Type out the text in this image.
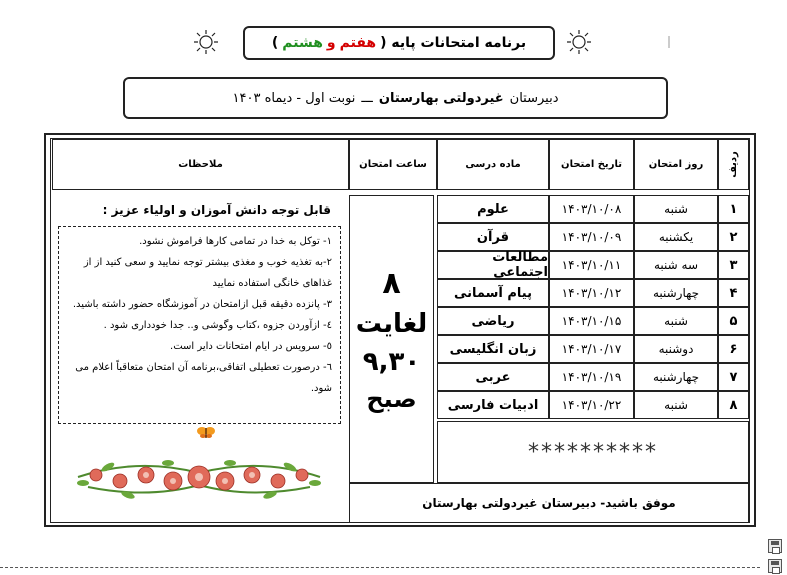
برنامه امتحانات پایه (
هفتم
و
هشتم
)
دبیرستان
غیردولتی بهارستان
ـــ
نوبت اول - دیماه ۱۴۰۳
ردیف
روز امتحان
تاریخ امتحان
ماده درسی
ساعت امتحان
ملاحظات
۱
شنبه
۱۴۰۳/۱۰/۰۸
علوم
۲
یکشنبه
۱۴۰۳/۱۰/۰۹
قرآن
۳
سه شنبه
۱۴۰۳/۱۰/۱۱
مطالعات اجتماعی
۴
چهارشنبه
۱۴۰۳/۱۰/۱۲
پیام آسمانی
۵
شنبه
۱۴۰۳/۱۰/۱۵
ریاضی
۶
دوشنبه
۱۴۰۳/۱۰/۱۷
زبان انگلیسی
۷
چهارشنبه
۱۴۰۳/۱۰/۱۹
عربی
۸
شنبه
۱۴۰۳/۱۰/۲۲
ادبیات فارسی
۸
لغایت
۹,۳۰
صبح
**********
قابل توجه دانش آموزان و اولیاء عزیز :
۱- توکل به خدا در تمامی کارها فراموش نشود.
۲-به تغذیه خوب و مغذی بیشتر توجه نمایید و سعی کنید از از غذاهای خانگی استفاده نمایید
۳- پانزده دقیقه قبل ازامتحان در آموزشگاه حضور داشته باشید.
٤- ازآوردن جزوه ،کتاب وگوشی و.. جدا خودداری شود .
٥- سرویس در ایام امتحانات دایر است.
٦- درصورت تعطیلی اتفاقی،برنامه آن امتحان متعاقباً اعلام می شود.
موفق باشید- دبیرستان غیردولتی بهارستان
